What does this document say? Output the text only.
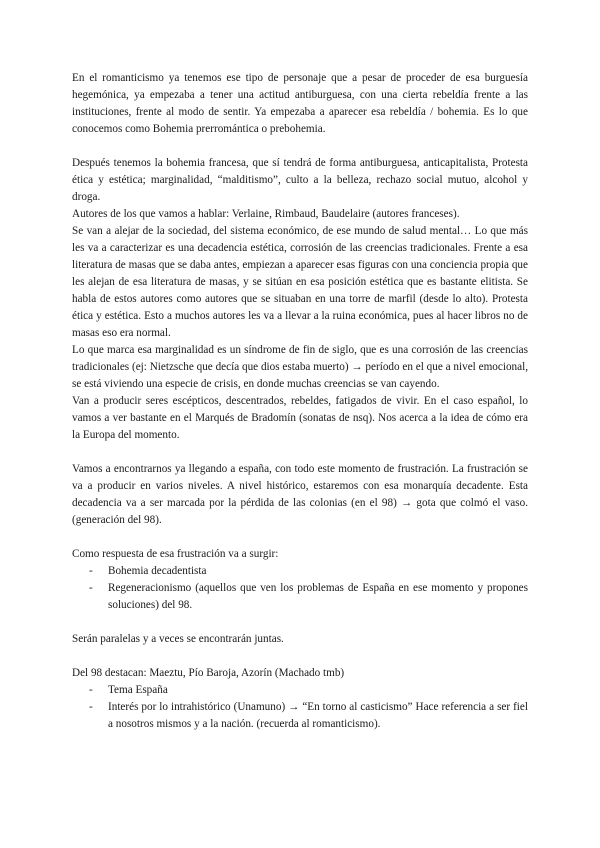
En el romanticismo ya tenemos ese tipo de personaje que a pesar de proceder de esa burguesía hegemónica, ya empezaba a tener una actitud antiburguesa, con una cierta rebeldía frente a las instituciones, frente al modo de sentir. Ya empezaba a aparecer esa rebeldía / bohemia. Es lo que conocemos como Bohemia prerromántica o prebohemia.

Después tenemos la bohemia francesa, que sí tendrá de forma antiburguesa, anticapitalista, Protesta ética y estética; marginalidad, “malditismo”, culto a la belleza, rechazo social mutuo, alcohol y droga.

Autores de los que vamos a hablar: Verlaine, Rimbaud, Baudelaire (autores franceses).

Se van a alejar de la sociedad, del sistema económico, de ese mundo de salud mental… Lo que más les va a caracterizar es una decadencia estética, corrosión de las creencias tradicionales. Frente a esa literatura de masas que se daba antes, empiezan a aparecer esas figuras con una conciencia propia que les alejan de esa literatura de masas, y se sitúan en esa posición estética que es bastante elitista. Se habla de estos autores como autores que se situaban en una torre de marfil (desde lo alto). Protesta ética y estética. Esto a muchos autores les va a llevar a la ruina económica, pues al hacer libros no de masas eso era normal.

Lo que marca esa marginalidad es un síndrome de fin de siglo, que es una corrosión de las creencias tradicionales (ej: Nietzsche que decía que dios estaba muerto) → período en el que a nivel emocional, se está viviendo una especie de crisis, en donde muchas creencias se van cayendo.

Van a producir seres escépticos, descentrados, rebeldes, fatigados de vivir. En el caso español, lo vamos a ver bastante en el Marqués de Bradomín (sonatas de nsq). Nos acerca a la idea de cómo era la Europa del momento.

Vamos a encontrarnos ya llegando a españa, con todo este momento de frustración. La frustración se va a producir en varios niveles. A nivel histórico, estaremos con esa monarquía decadente. Esta decadencia va a ser marcada por la pérdida de las colonias (en el 98) → gota que colmó el vaso. (generación del 98).

Como respuesta de esa frustración va a surgir:

- Bohemia decadentista
- Regeneracionismo (aquellos que ven los problemas de España en ese momento y propones soluciones) del 98.

Serán paralelas y a veces se encontrarán juntas.

Del 98 destacan: Maeztu, Pío Baroja, Azorín (Machado tmb)

- Tema España
- Interés por lo intrahistórico (Unamuno) → “En torno al casticismo” Hace referencia a ser fiel a nosotros mismos y a la nación. (recuerda al romanticismo).
